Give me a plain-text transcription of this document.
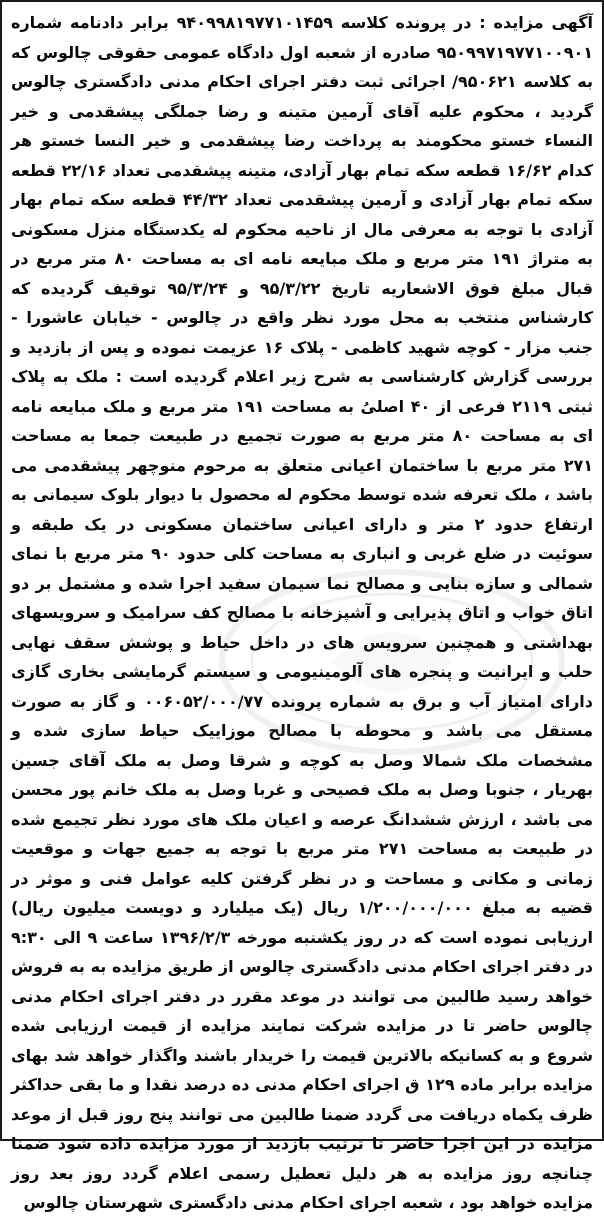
آگهی مزایده : در پرونده کلاسه ۹۴۰۹۹۸۱۹۷۷۱۰۱۴۵۹ برابر دادنامه شماره ۹۵۰۹۹۷۱۹۷۷۱۰۰۹۰۱ صادره از شعبه اول دادگاه عمومی حقوقی چالوس که به کلاسه ۹۵۰۶۲۱/ اجرائی ثبت دفتر اجرای احکام مدنی دادگستری چالوس گردید ، محکوم علیه آقای آرمین متینه و رضا جملگی پیشقدمی و خیر النساء خستو محکومند به پرداخت رضا پیشقدمی و خیر النسا خستو هر کدام ۱۶/۶۲ قطعه سکه تمام بهار آزادی، متینه پیشقدمی تعداد ۲۲/۱۶ قطعه سکه تمام بهار آزادی و آرمین پیشقدمی تعداد ۴۴/۳۲ قطعه سکه تمام بهار آزادی با توجه به معرفی مال از ناحیه محکوم له یکدستگاه منزل مسکونی به متراژ ۱۹۱ متر مربع و ملک مبایعه نامه ای به مساحت ۸۰ متر مربع در قبال مبلغ فوق الاشعاریه تاریخ ۹۵/۳/۲۲ و ۹۵/۳/۲۴ توقیف گردیده که کارشناس منتخب به محل مورد نظر واقع در چالوس - خیابان عاشورا - جنب مزار - کوچه شهید کاظمی - پلاک ۱۶ عزیمت نموده و پس از بازدید و بررسی گزارش کارشناسی به شرح زیر اعلام گردیده است : ملک به پلاک ثبتی ۲۱۱۹ فرعی از ۴۰ اصلیُ به مساحت ۱۹۱ متر مربع و ملک مبایعه نامه ای به مساحت ۸۰ متر مربع به صورت تجمیع در طبیعت جمعا به مساحت ۲۷۱ متر مربع با ساختمان اعیانی متعلق به مرحوم منوچهر پیشقدمی می باشد ، ملک تعرفه شده توسط محکوم له محصول با دیوار بلوک سیمانی به ارتفاع حدود ۲ متر و دارای اعیانی ساختمان مسکونی در یک طبقه و سوئیت در ضلع غربی و انباری به مساحت کلی حدود ۹۰ متر مربع با نمای شمالی و سازه بنایی و مصالح نما سیمان سفید اجرا شده و مشتمل بر دو اتاق خواب و اتاق پذیرایی و آشپزخانه با مصالح کف سرامیک و سرویسهای بهداشتی و همچنین سرویس های در داخل حیاط و پوشش سقف نهایی حلب و ایرانیت و پنجره های آلومینیومی و سیستم گرمایشی بخاری گازی دارای امتیاز آب و برق به شماره پرونده ۰۰۶۰۵۲/۰۰۰/۷۷ و گاز به صورت مستقل می باشد و محوطه با مصالح موزاییک حیاط سازی شده و مشخصات ملک شمالا وصل به کوچه و شرقا وصل به ملک آقای جسین بهریار ، جنوبا وصل به ملک فصیحی و غربا وصل به ملک خانم پور محسن می باشد ، ارزش ششدانگ عرصه و اعیان ملک های مورد نظر تجیمع شده در طبیعت به مساحت ۲۷۱ متر مربع با توجه به جمیع جهات و موقعیت زمانی و مکانی و مساحت و در نظر گرفتن کلیه عوامل فنی و موثر در قضیه به مبلغ ۱/۲۰۰/۰۰۰/۰۰۰ ریال (یک میلیارد و دویست میلیون ریال) ارزیابی نموده است که در روز یکشنبه مورخه ۱۳۹۶/۲/۳ ساعت ۹ الی ۹:۳۰ در دفتر اجرای احکام مدنی دادگستری چالوس از طریق مزایده به به فروش خواهد رسید طالبین می توانند در موعد مقرر در دفتر اجرای احکام مدنی چالوس حاضر تا در مزایده شرکت نمایند مزایده از قیمت ارزیابی شده شروع و به کسانیکه بالاترین قیمت را خریدار باشند واگذار خواهد شد بهای مزایده برابر ماده ۱۲۹ ق اجرای احکام مدنی ده درصد نقدا و ما بقی حداکثر ظرف یکماه دریافت می گردد ضمنا طالبین می توانند پنج روز قبل از موعد مزایده در این اجرا حاضر تا ترتیب بازدید از مورد مزایده داده شود ضمنا چنانچه روز مزایده به هر دلیل تعطیل رسمی اعلام گردد روز بعد روز مزایده خواهد بود ، شعبه اجرای احکام مدنی دادگستری شهرستان چالوس
